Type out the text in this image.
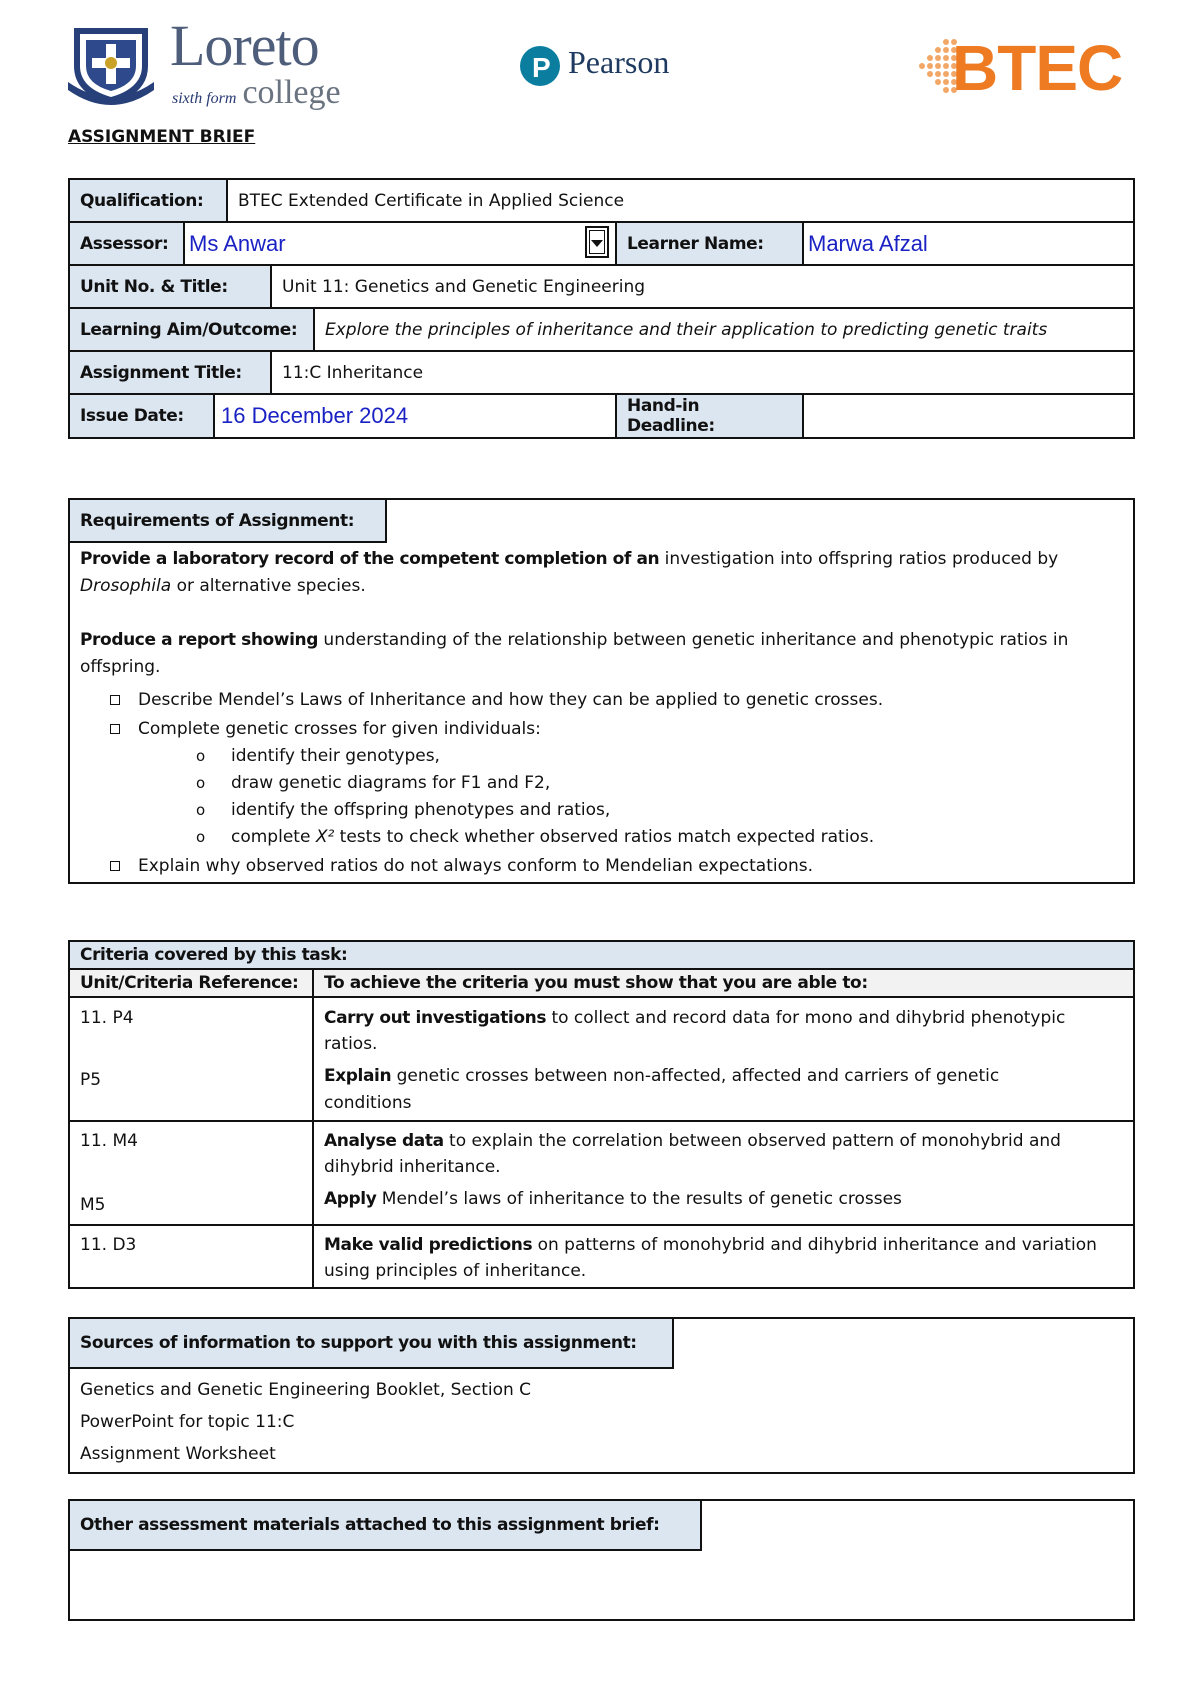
Loreto
sixth form college
P Pearson	BTEC
ASSIGNMENT BRIEF
Qualification:	BTEC Extended Certificate in Applied Science
Assessor: Ms Anwar	Learner Name:	Marwa Afzal
Unit No. & Title:	Unit 11: Genetics and Genetic Engineering
Learning Aim/Outcome:	Explore the principles of inheritance and their application to predicting genetic traits
Assignment Title:	11:C Inheritance
Issue Date:	16 December 2024	Hand-in Deadline:
Requirements of Assignment:
Provide a laboratory record of the competent completion of an investigation into offspring ratios produced by
Drosophila or alternative species.
Produce a report showing understanding of the relationship between genetic inheritance and phenotypic ratios in
offspring.
Describe Mendel’s Laws of Inheritance and how they can be applied to genetic crosses.
Complete genetic crosses for given individuals:
o identify their genotypes,
o draw genetic diagrams for F1 and F2,
o identify the offspring phenotypes and ratios,
o complete X² tests to check whether observed ratios match expected ratios.
Explain why observed ratios do not always conform to Mendelian expectations.
Criteria covered by this task:
Unit/Criteria Reference: To achieve the criteria you must show that you are able to:
11. P4	Carry out investigations to collect and record data for mono and dihybrid phenotypic
ratios.
P5	Explain genetic crosses between non-affected, affected and carriers of genetic
conditions
11. M4	Analyse data to explain the correlation between observed pattern of monohybrid and
dihybrid inheritance.
M5	Apply Mendel’s laws of inheritance to the results of genetic crosses
11. D3	Make valid predictions on patterns of monohybrid and dihybrid inheritance and variation
using principles of inheritance.
Sources of information to support you with this assignment:
Genetics and Genetic Engineering Booklet, Section C
PowerPoint for topic 11:C
Assignment Worksheet
Other assessment materials attached to this assignment brief:
